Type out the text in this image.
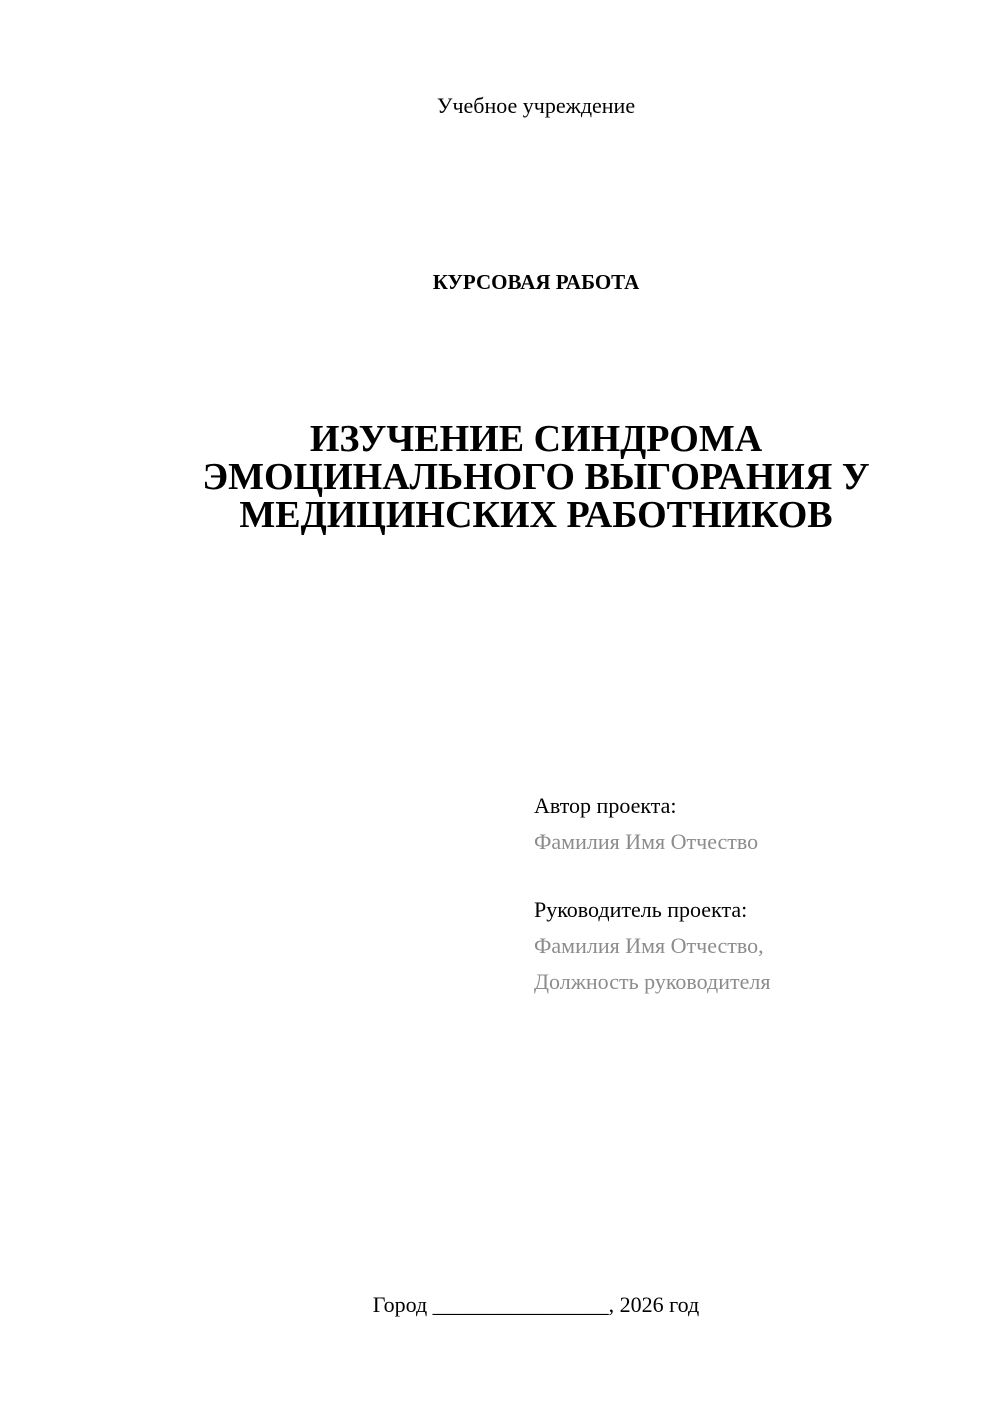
Учебное учреждение
КУРСОВАЯ РАБОТА
ИЗУЧЕНИЕ СИНДРОМА
ЭМОЦИНАЛЬНОГО ВЫГОРАНИЯ У
МЕДИЦИНСКИХ РАБОТНИКОВ
Автор проекта:
Фамилия Имя Отчество
Руководитель проекта:
Фамилия Имя Отчество,
Должность руководителя
Город ________________, 2026 год
